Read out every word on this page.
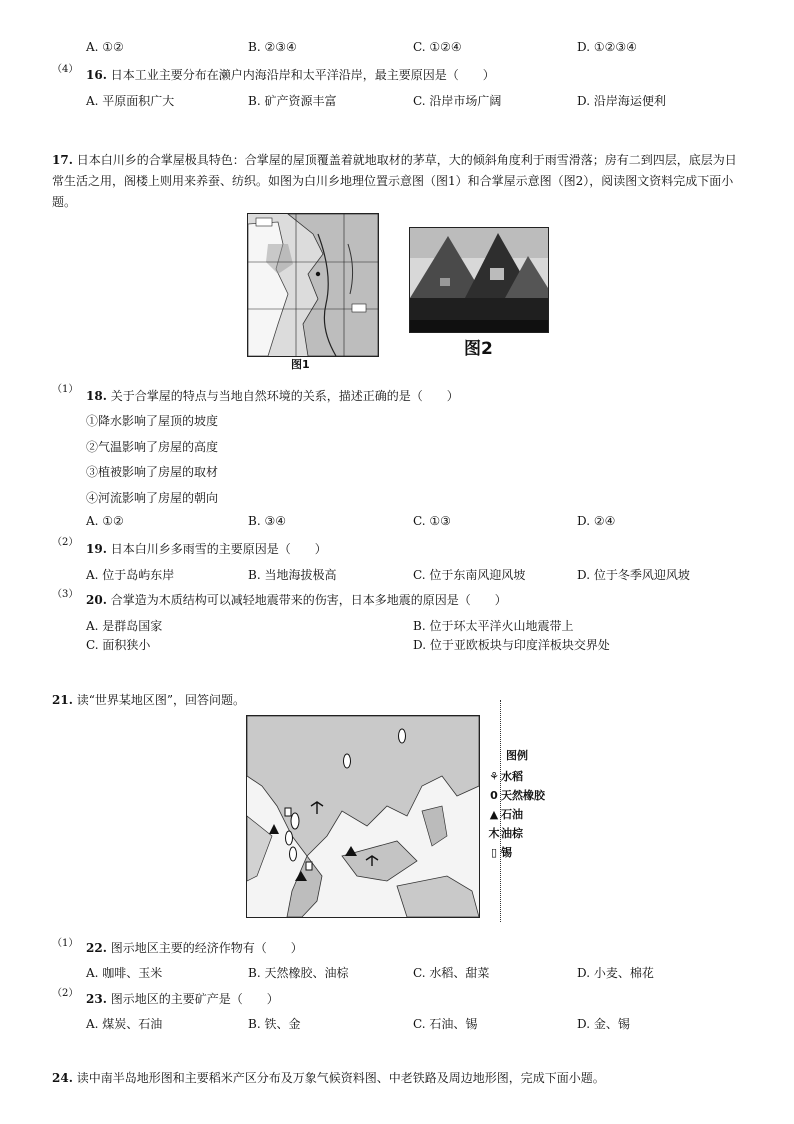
A. ①②	B. ②③④	C. ①②④	D. ①②③④
（4） 16. 日本工业主要分布在濑户内海沿岸和太平洋沿岸，最主要原因是（　　）
A. 平原面积广大	B. 矿产资源丰富	C. 沿岸市场广阔	D. 沿岸海运便利
17. 日本白川乡的合掌屋极具特色：合掌屋的屋顶覆盖着就地取材的茅草，大的倾斜角度利于雨雪滑落；房有二到四层，底层为日常生活之用，阁楼上则用来养蚕、纺织。如图为白川乡地理位置示意图（图1）和合掌屋示意图（图2），阅读图文资料完成下面小题。
图1
图2
（1） 18. 关于合掌屋的特点与当地自然环境的关系，描述正确的是（　　）
①降水影响了屋顶的坡度
②气温影响了房屋的高度
③植被影响了房屋的取材
④河流影响了房屋的朝向
A. ①②	B. ③④	C. ①③	D. ②④
（2） 19. 日本白川乡多雨雪的主要原因是（　　）
A. 位于岛屿东岸	B. 当地海拔极高	C. 位于东南风迎风坡	D. 位于冬季风迎风坡
（3） 20. 合掌造为木质结构可以减轻地震带来的伤害，日本多地震的原因是（　　）
A. 是群岛国家	B. 位于环太平洋火山地震带上
C. 面积狭小	D. 位于亚欧板块与印度洋板块交界处
21. 读“世界某地区图”，回答问题。
图例
⚘ 水稻
0 天然橡胶
▲ 石油
木 油棕
▯ 锡
（1） 22. 图示地区主要的经济作物有（　　）
A. 咖啡、玉米	B. 天然橡胶、油棕	C. 水稻、甜菜	D. 小麦、棉花
（2） 23. 图示地区的主要矿产是（　　）
A. 煤炭、石油	B. 铁、金	C. 石油、锡	D. 金、锡
24. 读中南半岛地形图和主要稻米产区分布及万象气候资料图、中老铁路及周边地形图，完成下面小题。
